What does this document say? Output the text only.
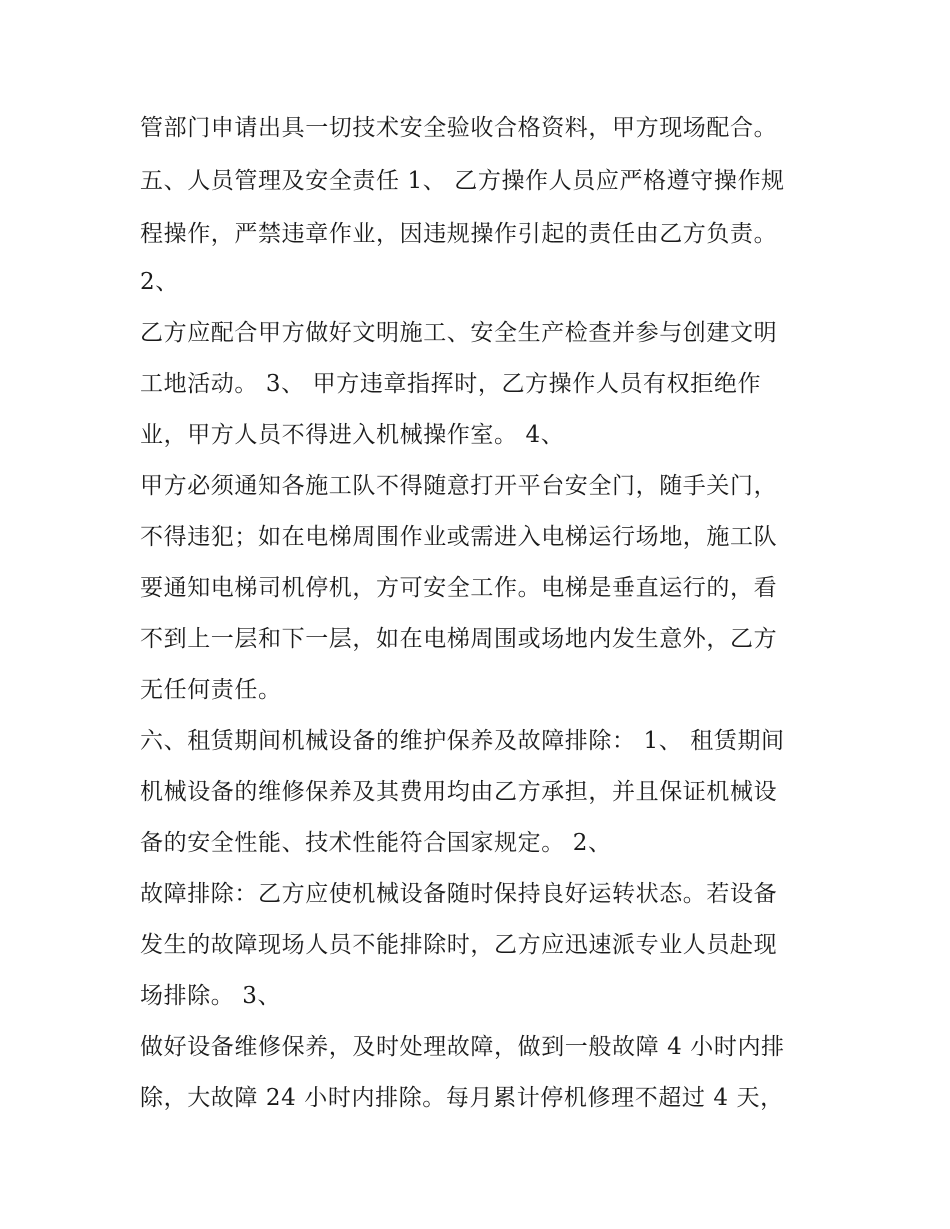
管部门申请出具一切技术安全验收合格资料，甲方现场配合。
五、人员管理及安全责任 1、 乙方操作人员应严格遵守操作规
程操作，严禁违章作业，因违规操作引起的责任由乙方负责。
2、
乙方应配合甲方做好文明施工、安全生产检查并参与创建文明
工地活动。 3、 甲方违章指挥时，乙方操作人员有权拒绝作
业，甲方人员不得进入机械操作室。 4、
甲方必须通知各施工队不得随意打开平台安全门，随手关门，
不得违犯；如在电梯周围作业或需进入电梯运行场地，施工队
要通知电梯司机停机，方可安全工作。电梯是垂直运行的，看
不到上一层和下一层，如在电梯周围或场地内发生意外，乙方
无任何责任。
六、租赁期间机械设备的维护保养及故障排除： 1、 租赁期间
机械设备的维修保养及其费用均由乙方承担，并且保证机械设
备的安全性能、技术性能符合国家规定。 2、
故障排除：乙方应使机械设备随时保持良好运转状态。若设备
发生的故障现场人员不能排除时，乙方应迅速派专业人员赴现
场排除。 3、
做好设备维修保养，及时处理故障，做到一般故障 4 小时内排
除，大故障 24 小时内排除。每月累计停机修理不超过 4 天，
